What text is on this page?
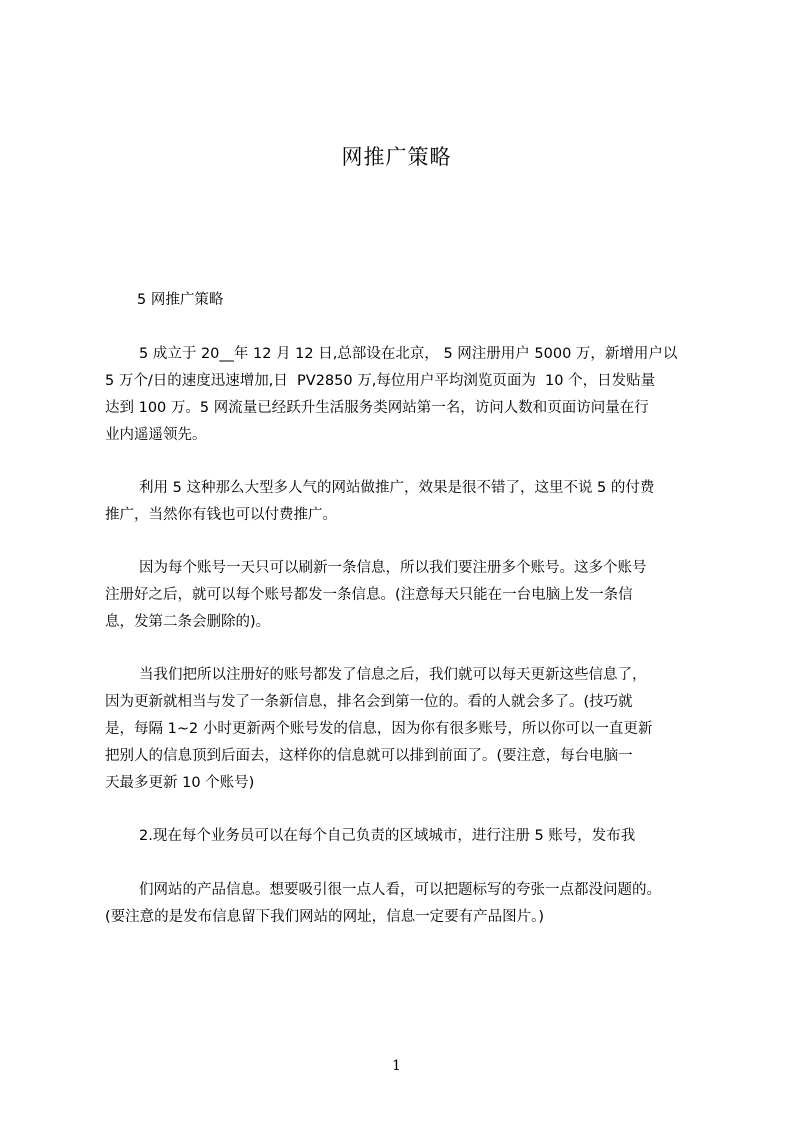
网推广策略
5 网推广策略
5 成立于 20__年 12 月 12 日,总部设在北京， 5 网注册用户 5000 万，新增用户以
5 万个/日的速度迅速增加,日  PV2850 万,每位用户平均浏览页面为  10 个，日发贴量
达到 100 万。5 网流量已经跃升生活服务类网站第一名，访问人数和页面访问量在行
业内遥遥领先。
利用 5 这种那么大型多人气的网站做推广，效果是很不错了，这里不说 5 的付费
推广，当然你有钱也可以付费推广。
因为每个账号一天只可以刷新一条信息，所以我们要注册多个账号。这多个账号
注册好之后，就可以每个账号都发一条信息。(注意每天只能在一台电脑上发一条信
息，发第二条会删除的)。
当我们把所以注册好的账号都发了信息之后，我们就可以每天更新这些信息了，
因为更新就相当与发了一条新信息，排名会到第一位的。看的人就会多了。(技巧就
是，每隔 1~2 小时更新两个账号发的信息，因为你有很多账号，所以你可以一直更新
把别人的信息顶到后面去，这样你的信息就可以排到前面了。(要注意，每台电脑一
天最多更新 10 个账号)
2.现在每个业务员可以在每个自己负责的区域城市，进行注册 5 账号，发布我
们网站的产品信息。想要吸引很一点人看，可以把题标写的夸张一点都没问题的。
(要注意的是发布信息留下我们网站的网址，信息一定要有产品图片。)
1
